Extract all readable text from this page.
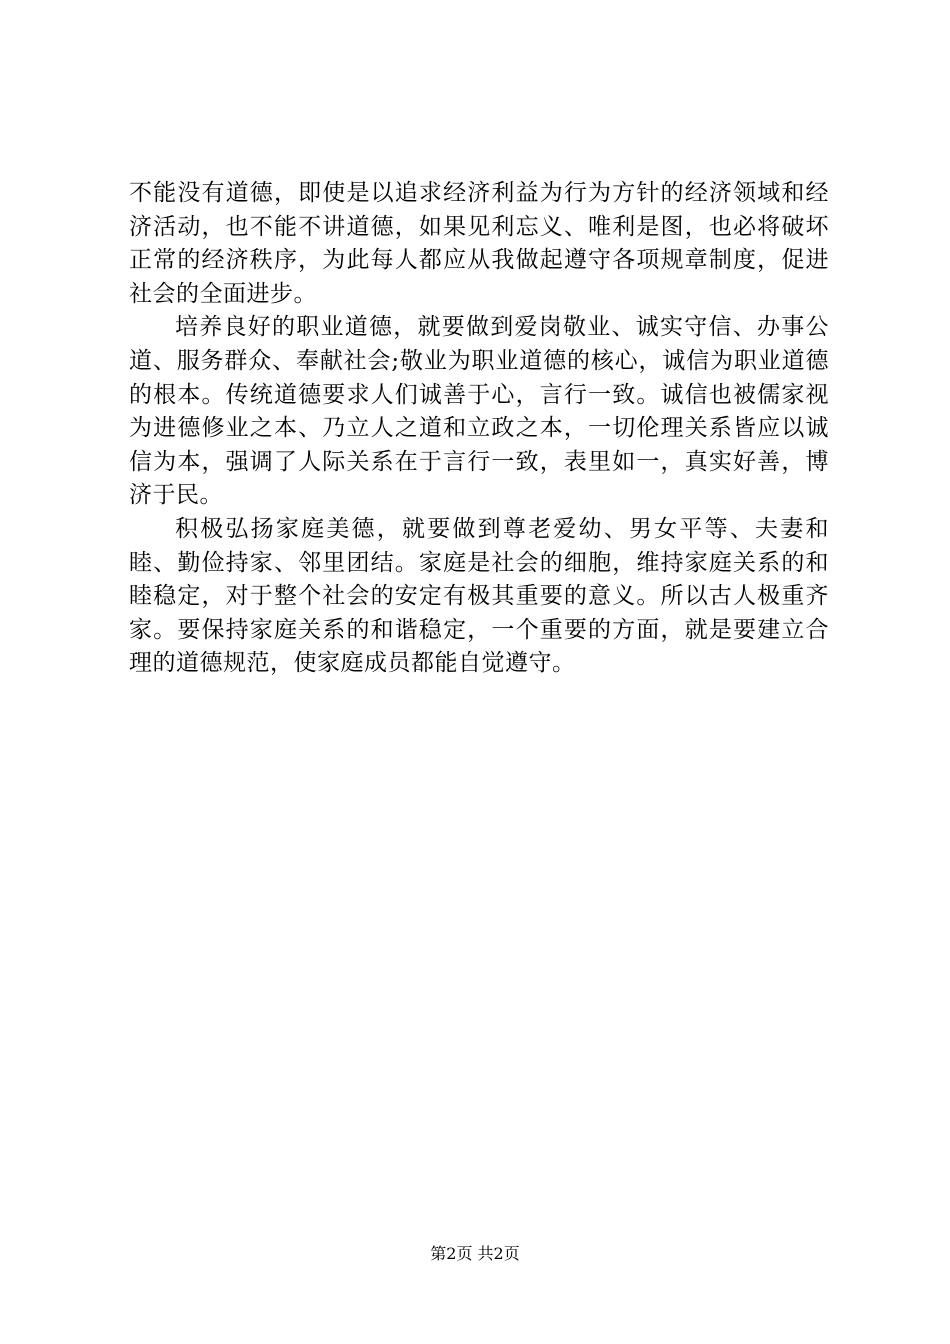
不能没有道德，即使是以追求经济利益为行为方针的经济领域和经济活动，也不能不讲道德，如果见利忘义、唯利是图，也必将破坏正常的经济秩序，为此每人都应从我做起遵守各项规章制度，促进社会的全面进步。

培养良好的职业道德，就要做到爱岗敬业、诚实守信、办事公道、服务群众、奉献社会;敬业为职业道德的核心，诚信为职业道德的根本。传统道德要求人们诚善于心，言行一致。诚信也被儒家视为进德修业之本、乃立人之道和立政之本，一切伦理关系皆应以诚信为本，强调了人际关系在于言行一致，表里如一，真实好善，博济于民。

积极弘扬家庭美德，就要做到尊老爱幼、男女平等、夫妻和睦、勤俭持家、邻里团结。家庭是社会的细胞，维持家庭关系的和睦稳定，对于整个社会的安定有极其重要的意义。所以古人极重齐家。要保持家庭关系的和谐稳定，一个重要的方面，就是要建立合理的道德规范，使家庭成员都能自觉遵守。

第2页 共2页
